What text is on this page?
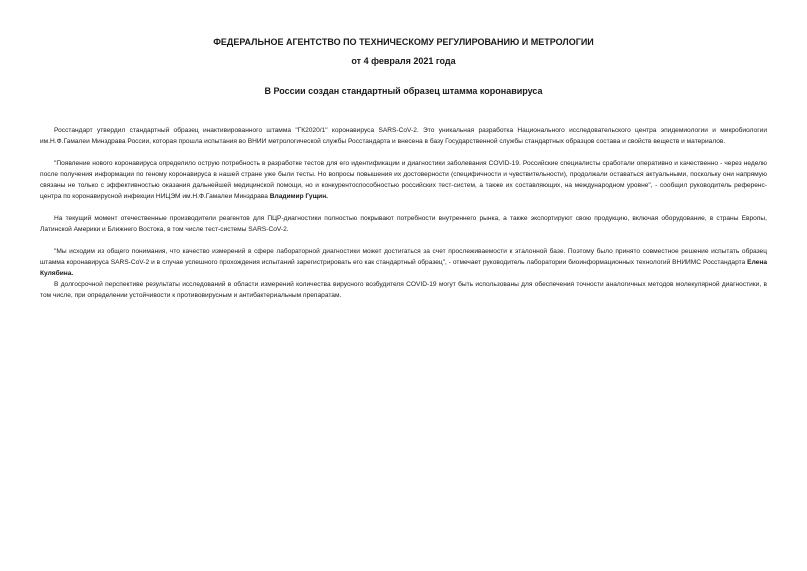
ФЕДЕРАЛЬНОЕ АГЕНТСТВО ПО ТЕХНИЧЕСКОМУ РЕГУЛИРОВАНИЮ И МЕТРОЛОГИИ
от 4 февраля 2021 года
В России создан стандартный образец штамма коронавируса

Росстандарт утвердил стандартный образец инактивированного штамма "ГК2020/1" коронавируса SARS-CoV-2. Это уникальная разработка Национального исследовательского центра эпидемиологии и микробиологии им.Н.Ф.Гамалеи Минздрава России, которая прошла испытания во ВНИИ метрологической службы Росстандарта и внесена в базу Государственной службы стандартных образцов состава и свойств веществ и материалов.

"Появление нового коронавируса определило острую потребность в разработке тестов для его идентификации и диагностики заболевания COVID-19. Российские специалисты сработали оперативно и качественно - через неделю после получения информации по геному коронавируса в нашей стране уже были тесты. Но вопросы повышения их достоверности (специфичности и чувствительности), продолжали оставаться актуальными, поскольку они напрямую связаны не только с эффективностью оказания дальнейшей медицинской помощи, но и конкурентоспособностью российских тест-систем, а также их составляющих, на международном уровне", - сообщил руководитель референс-центра по коронавирусной инфекции НИЦЭМ им.Н.Ф.Гамалеи Минздрава Владимир Гущин.

На текущий момент отечественные производители реагентов для ПЦР-диагностики полностью покрывают потребности внутреннего рынка, а также экспортируют свою продукцию, включая оборудование, в страны Европы, Латинской Америки и Ближнего Востока, в том числе тест-системы SARS-CoV-2.

"Мы исходим из общего понимания, что качество измерений в сфере лабораторной диагностики может достигаться за счет прослеживаемости к эталонной базе. Поэтому было принято совместное решение испытать образец штамма коронавируса SARS-CoV-2 и в случае успешного прохождения испытаний зарегистрировать его как стандартный образец", - отмечает руководитель лаборатории биоинформационных технологий ВНИИМС Росстандарта Елена Кулябина.

В долгосрочной перспективе результаты исследований в области измерений количества вирусного возбудителя COVID-19 могут быть использованы для обеспечения точности аналогичных методов молекулярной диагностики, в том числе, при определении устойчивости к противовирусным и антибактериальным препаратам.
